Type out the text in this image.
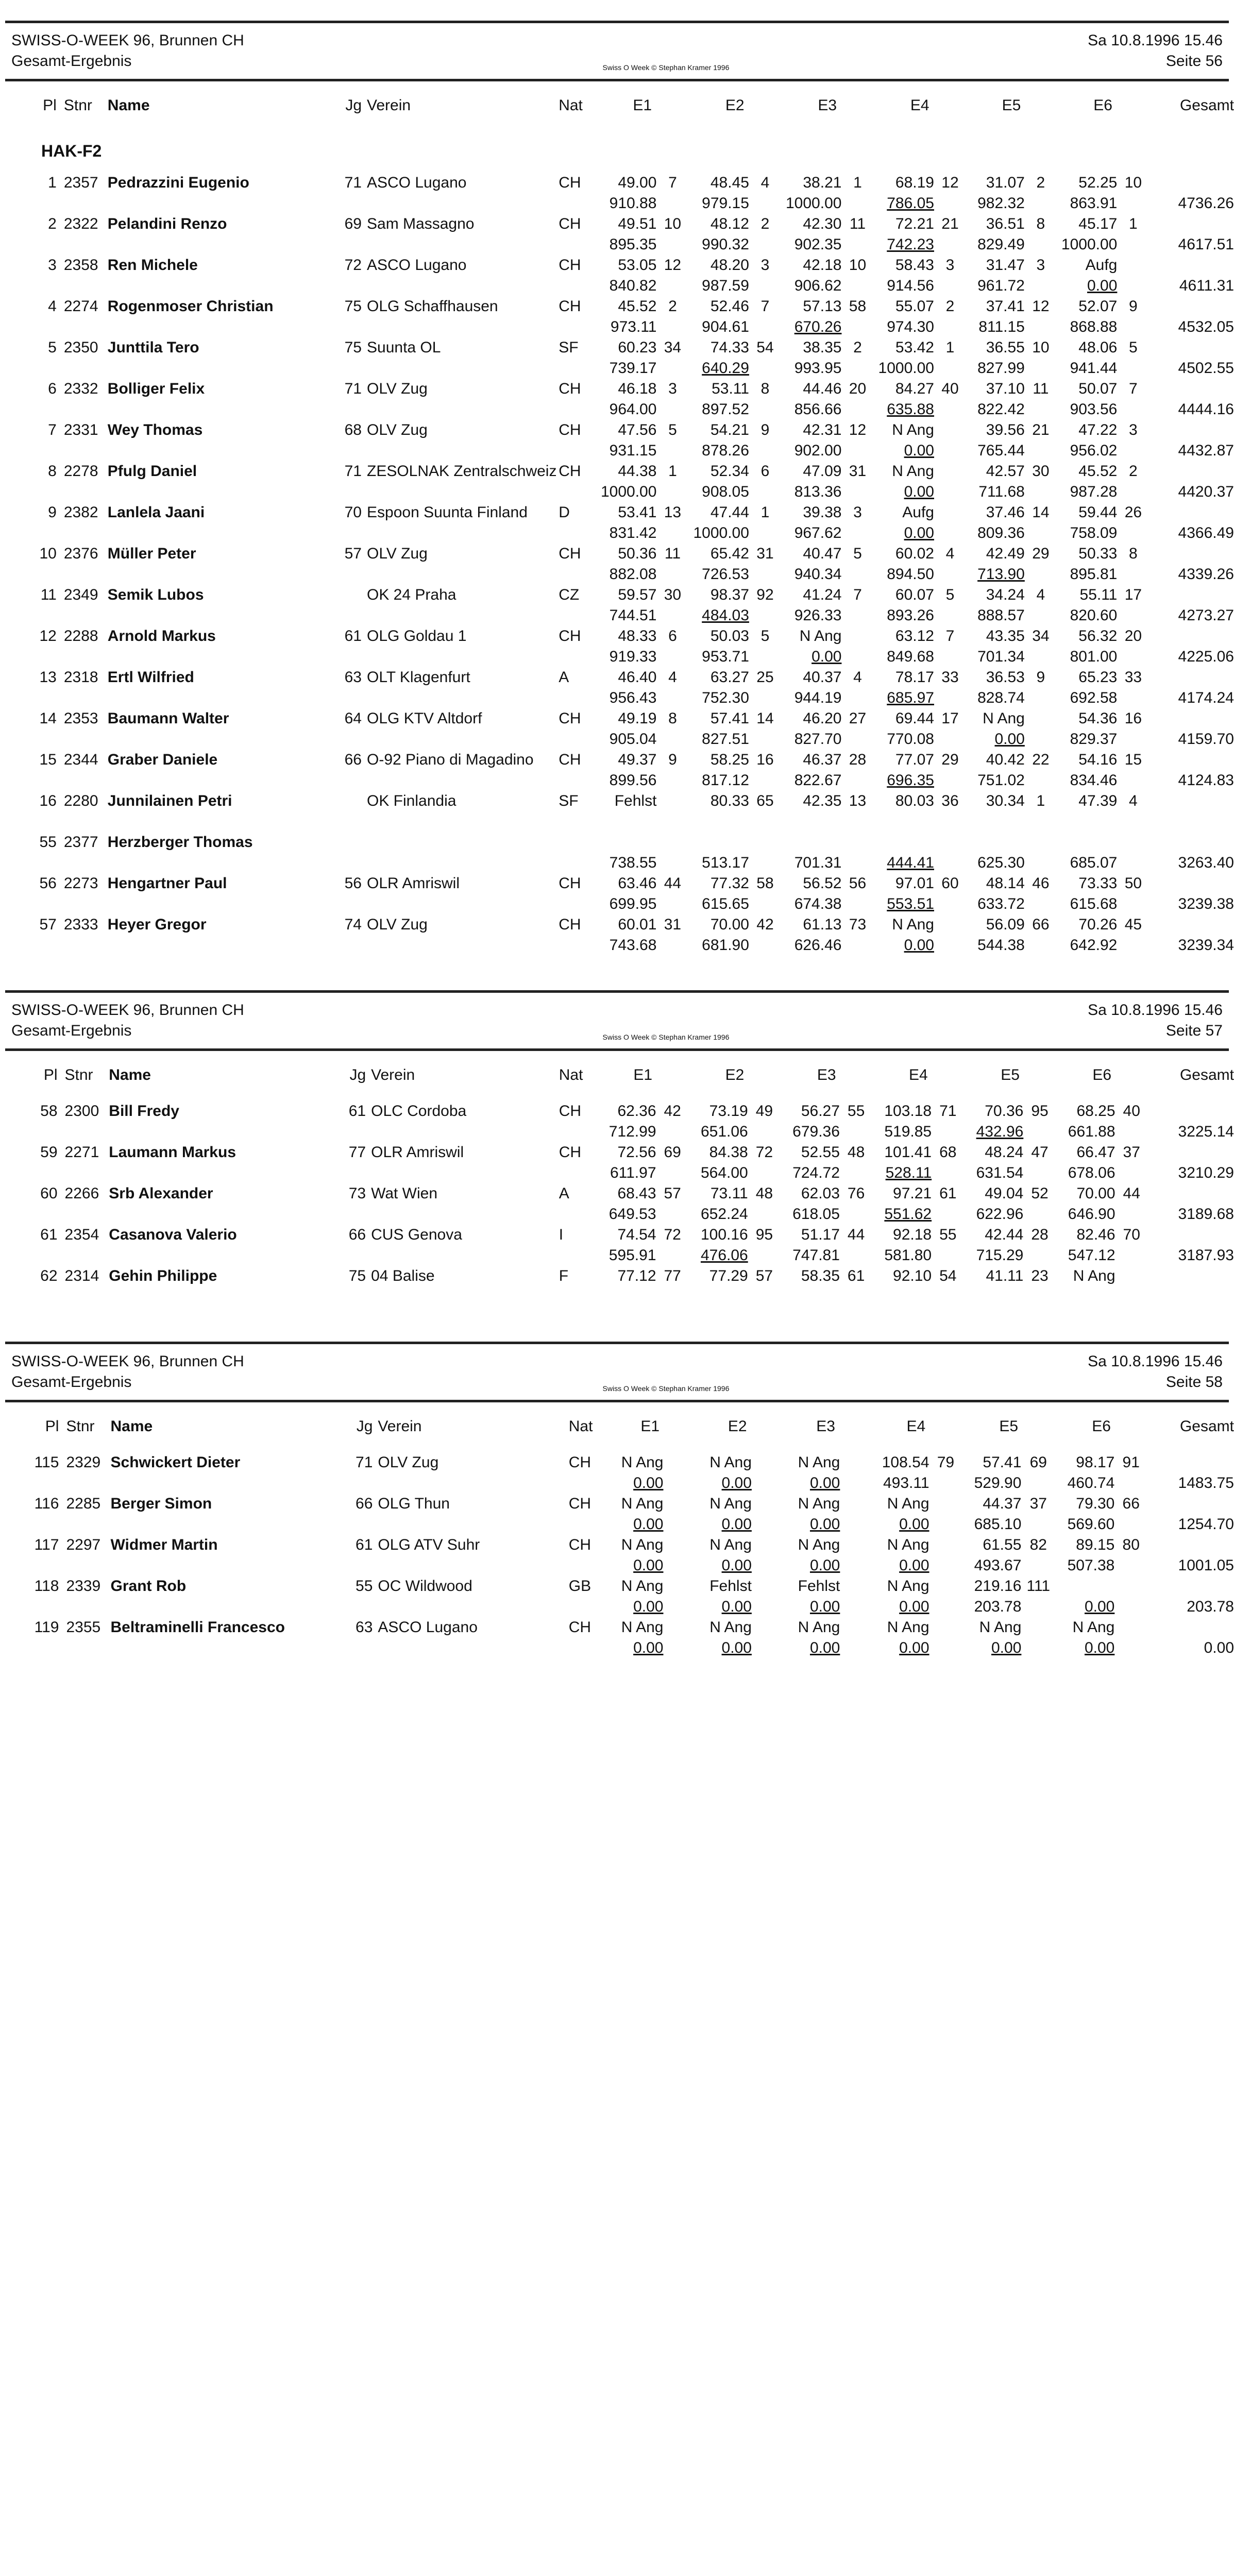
SWISS-O-WEEK 96, Brunnen CH
Gesamt-Ergebnis	Swiss O Week © Stephan Kramer 1996
Sa 10.8.1996 15.46
Seite 56
Pl	Stnr	Name	Jg	Verein	Nat	E1		E2		E3		E4		E5		E6		Gesamt
HAK-F2																		
1	2357	Pedrazzini Eugenio	71	ASCO Lugano	CH	49.00	7	48.45	4	38.21	1	68.19	12	31.07	2	52.25	10	
						910.88		979.15		1000.00		786.05		982.32		863.91		4736.26
2	2322	Pelandini Renzo	69	Sam Massagno	CH	49.51	10	48.12	2	42.30	11	72.21	21	36.51	8	45.17	1	
						895.35		990.32		902.35		742.23		829.49		1000.00		4617.51
3	2358	Ren Michele	72	ASCO Lugano	CH	53.05	12	48.20	3	42.18	10	58.43	3	31.47	3	Aufg		
						840.82		987.59		906.62		914.56		961.72		0.00		4611.31
4	2274	Rogenmoser Christian	75	OLG Schaffhausen	CH	45.52	2	52.46	7	57.13	58	55.07	2	37.41	12	52.07	9	
						973.11		904.61		670.26		974.30		811.15		868.88		4532.05
5	2350	Junttila Tero	75	Suunta OL	SF	60.23	34	74.33	54	38.35	2	53.42	1	36.55	10	48.06	5	
						739.17		640.29		993.95		1000.00		827.99		941.44		4502.55
6	2332	Bolliger Felix	71	OLV Zug	CH	46.18	3	53.11	8	44.46	20	84.27	40	37.10	11	50.07	7	
						964.00		897.52		856.66		635.88		822.42		903.56		4444.16
7	2331	Wey Thomas	68	OLV Zug	CH	47.56	5	54.21	9	42.31	12	N Ang		39.56	21	47.22	3	
						931.15		878.26		902.00		0.00		765.44		956.02		4432.87
8	2278	Pfulg Daniel	71	ZESOLNAK Zentralschweiz	CH	44.38	1	52.34	6	47.09	31	N Ang		42.57	30	45.52	2	
						1000.00		908.05		813.36		0.00		711.68		987.28		4420.37
9	2382	Lanlela Jaani	70	Espoon Suunta Finland	D	53.41	13	47.44	1	39.38	3	Aufg		37.46	14	59.44	26	
						831.42		1000.00		967.62		0.00		809.36		758.09		4366.49
10	2376	Müller Peter	57	OLV Zug	CH	50.36	11	65.42	31	40.47	5	60.02	4	42.49	29	50.33	8	
						882.08		726.53		940.34		894.50		713.90		895.81		4339.26
11	2349	Semik Lubos		OK 24 Praha	CZ	59.57	30	98.37	92	41.24	7	60.07	5	34.24	4	55.11	17	
						744.51		484.03		926.33		893.26		888.57		820.60		4273.27
12	2288	Arnold Markus	61	OLG Goldau 1	CH	48.33	6	50.03	5	N Ang		63.12	7	43.35	34	56.32	20	
						919.33		953.71		0.00		849.68		701.34		801.00		4225.06
13	2318	Ertl Wilfried	63	OLT Klagenfurt	A	46.40	4	63.27	25	40.37	4	78.17	33	36.53	9	65.23	33	
						956.43		752.30		944.19		685.97		828.74		692.58		4174.24
14	2353	Baumann Walter	64	OLG KTV Altdorf	CH	49.19	8	57.41	14	46.20	27	69.44	17	N Ang		54.36	16	
						905.04		827.51		827.70		770.08		0.00		829.37		4159.70
15	2344	Graber Daniele	66	O-92 Piano di Magadino	CH	49.37	9	58.25	16	46.37	28	77.07	29	40.42	22	54.16	15	
						899.56		817.12		822.67		696.35		751.02		834.46		4124.83
16	2280	Junnilainen Petri		OK Finlandia	SF	Fehlst		80.33	65	42.35	13	80.03	36	30.34	1	47.39	4	

55	2377	Herzberger Thomas																
						738.55		513.17		701.31		444.41		625.30		685.07		3263.40
56	2273	Hengartner Paul	56	OLR Amriswil	CH	63.46	44	77.32	58	56.52	56	97.01	60	48.14	46	73.33	50	
						699.95		615.65		674.38		553.51		633.72		615.68		3239.38
57	2333	Heyer Gregor	74	OLV Zug	CH	60.01	31	70.00	42	61.13	73	N Ang		56.09	66	70.26	45	
						743.68		681.90		626.46		0.00		544.38		642.92		3239.34
SWISS-O-WEEK 96, Brunnen CH
Gesamt-Ergebnis	Swiss O Week © Stephan Kramer 1996
Sa 10.8.1996 15.46
Seite 57
Pl	Stnr	Name	Jg	Verein	Nat	E1		E2		E3		E4		E5		E6		Gesamt
58	2300	Bill Fredy	61	OLC Cordoba	CH	62.36	42	73.19	49	56.27	55	103.18	71	70.36	95	68.25	40	
						712.99		651.06		679.36		519.85		432.96		661.88		3225.14
59	2271	Laumann Markus	77	OLR Amriswil	CH	72.56	69	84.38	72	52.55	48	101.41	68	48.24	47	66.47	37	
						611.97		564.00		724.72		528.11		631.54		678.06		3210.29
60	2266	Srb Alexander	73	Wat Wien	A	68.43	57	73.11	48	62.03	76	97.21	61	49.04	52	70.00	44	
						649.53		652.24		618.05		551.62		622.96		646.90		3189.68
61	2354	Casanova Valerio	66	CUS Genova	I	74.54	72	100.16	95	51.17	44	92.18	55	42.44	28	82.46	70	
						595.91		476.06		747.81		581.80		715.29		547.12		3187.93
62	2314	Gehin Philippe	75	04 Balise	F	77.12	77	77.29	57	58.35	61	92.10	54	41.11	23	N Ang		

SWISS-O-WEEK 96, Brunnen CH
Gesamt-Ergebnis	Swiss O Week © Stephan Kramer 1996
Sa 10.8.1996 15.46
Seite 58
Pl	Stnr	Name	Jg	Verein	Nat	E1		E2		E3		E4		E5		E6		Gesamt
115	2329	Schwickert Dieter	71	OLV Zug	CH	N Ang		N Ang		N Ang		108.54	79	57.41	69	98.17	91	
						0.00		0.00		0.00		493.11		529.90		460.74		1483.75
116	2285	Berger Simon	66	OLG Thun	CH	N Ang		N Ang		N Ang		N Ang		44.37	37	79.30	66	
						0.00		0.00		0.00		0.00		685.10		569.60		1254.70
117	2297	Widmer Martin	61	OLG ATV Suhr	CH	N Ang		N Ang		N Ang		N Ang		61.55	82	89.15	80	
						0.00		0.00		0.00		0.00		493.67		507.38		1001.05
118	2339	Grant Rob	55	OC Wildwood	GB	N Ang		Fehlst		Fehlst		N Ang		219.16	111			
						0.00		0.00		0.00		0.00		203.78		0.00		203.78
119	2355	Beltraminelli Francesco	63	ASCO Lugano	CH	N Ang		N Ang		N Ang		N Ang		N Ang		N Ang		
						0.00		0.00		0.00		0.00		0.00		0.00		0.00
